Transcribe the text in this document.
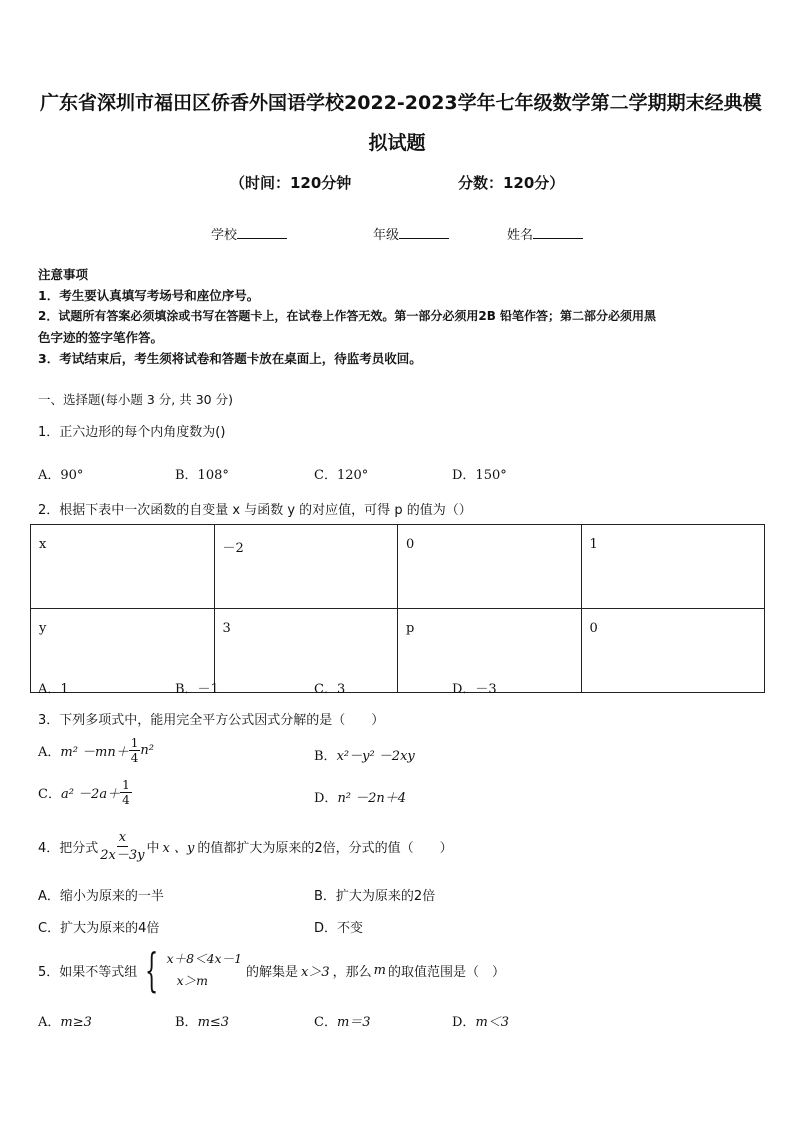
广东省深圳市福田区侨香外国语学校2022-2023学年七年级数学第二学期期末经典模
拟试题
（时间：120分钟	分数：120分）
学校	年级	姓名
注意事项
1．考生要认真填写考场号和座位序号。
2．试题所有答案必须填涂或书写在答题卡上，在试卷上作答无效。第一部分必须用2B 铅笔作答；第二部分必须用黑
色字迹的签字笔作答。
3．考试结束后，考生须将试卷和答题卡放在桌面上，待监考员收回。
一、选择题(每小题 3 分, 共 30 分)
1．正六边形的每个内角度数为()
A．90°	B．108°	C．120°	D．150°
2．根据下表中一次函数的自变量 x 与函数 y 的对应值，可得 p 的值为（）
x	－2	0	1
y	3	p	0
A．1	B．－1	C．3	D．－3
3．下列多项式中，能用完全平方公式因式分解的是（　　）
A． $m^2 -mn+ \frac{1}{4} n^2$	B．x²－y² －2xy
C． $a^2 -2a+ \frac{1}{4}$	D．n² －2n＋4
4．把分式 $\frac{x}{2x-3y}$ 中 x 、y 的值都扩大为原来的2倍，分式的值（　　）
A．缩小为原来的一半	B．扩大为原来的2倍
C．扩大为原来的4倍	D．不变
5．如果不等式组 { x＋8＜4x－1
x＞m
的解集是 x＞3 ，那么 m 的取值范围是（　）
A．m≥3	B．m≤3	C．m＝3	D．m＜3
